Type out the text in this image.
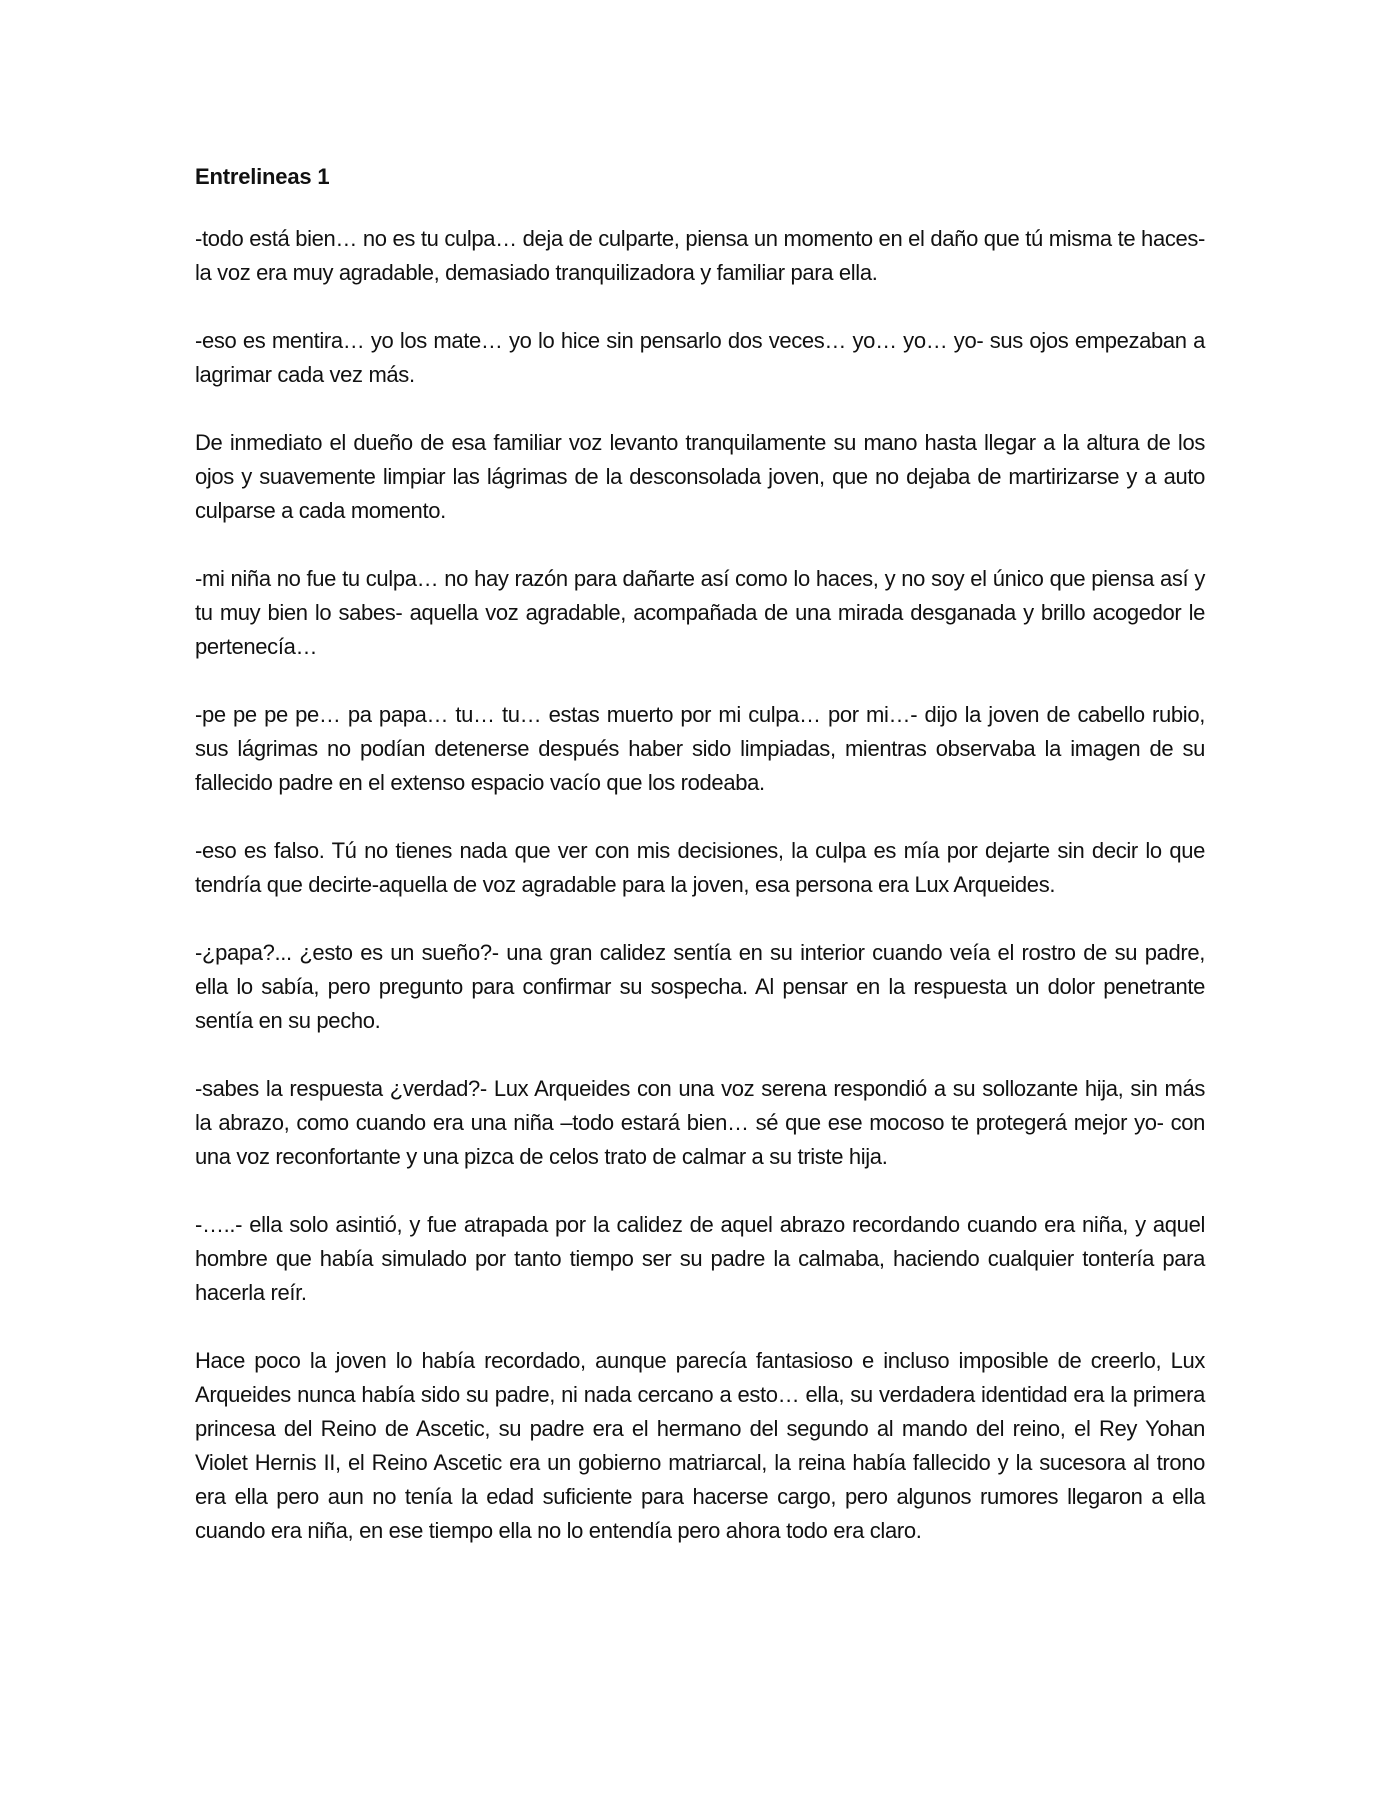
Entrelineas 1

-todo está bien… no es tu culpa… deja de culparte, piensa un momento en el daño que tú misma te haces- la voz era muy agradable, demasiado tranquilizadora y familiar para ella.

-eso es mentira… yo los mate… yo lo hice sin pensarlo dos veces… yo… yo… yo- sus ojos empezaban a lagrimar cada vez más.

De inmediato el dueño de esa familiar voz levanto tranquilamente su mano hasta llegar a la altura de los ojos y suavemente limpiar las lágrimas de la desconsolada joven, que no dejaba de martirizarse y a auto culparse a cada momento.

-mi niña no fue tu culpa… no hay razón para dañarte así como lo haces, y no soy el único que piensa así y tu muy bien lo sabes- aquella voz agradable, acompañada de una mirada desganada y brillo acogedor le pertenecía…

-pe pe pe pe… pa papa… tu… tu… estas muerto por mi culpa… por mi…- dijo la joven de cabello rubio, sus lágrimas no podían detenerse después haber sido limpiadas, mientras observaba la imagen de su fallecido padre en el extenso espacio vacío que los rodeaba.

-eso es falso. Tú no tienes nada que ver con mis decisiones, la culpa es mía por dejarte sin decir lo que tendría que decirte-aquella de voz agradable para la joven, esa persona era Lux Arqueides.

-¿papa?... ¿esto es un sueño?- una gran calidez sentía en su interior cuando veía el rostro de su padre, ella lo sabía, pero pregunto para confirmar su sospecha. Al pensar en la respuesta un dolor penetrante sentía en su pecho.

-sabes la respuesta ¿verdad?- Lux Arqueides con una voz serena respondió a su sollozante hija, sin más la abrazo, como cuando era una niña –todo estará bien… sé que ese mocoso te protegerá mejor yo- con una voz reconfortante y una pizca de celos trato de calmar a su triste hija.

-…..- ella solo asintió, y fue atrapada por la calidez de aquel abrazo recordando cuando era niña, y aquel hombre que había simulado por tanto tiempo ser su padre la calmaba, haciendo cualquier tontería para hacerla reír.

Hace poco la joven lo había recordado, aunque parecía fantasioso e incluso imposible de creerlo, Lux Arqueides nunca había sido su padre, ni nada cercano a esto… ella, su verdadera identidad era la primera princesa del Reino de Ascetic, su padre era el hermano del segundo al mando del reino, el Rey Yohan Violet Hernis II, el Reino Ascetic era un gobierno matriarcal, la reina había fallecido y la sucesora al trono era ella pero aun no tenía la edad suficiente para hacerse cargo, pero algunos rumores llegaron a ella cuando era niña, en ese tiempo ella no lo entendía pero ahora todo era claro.
